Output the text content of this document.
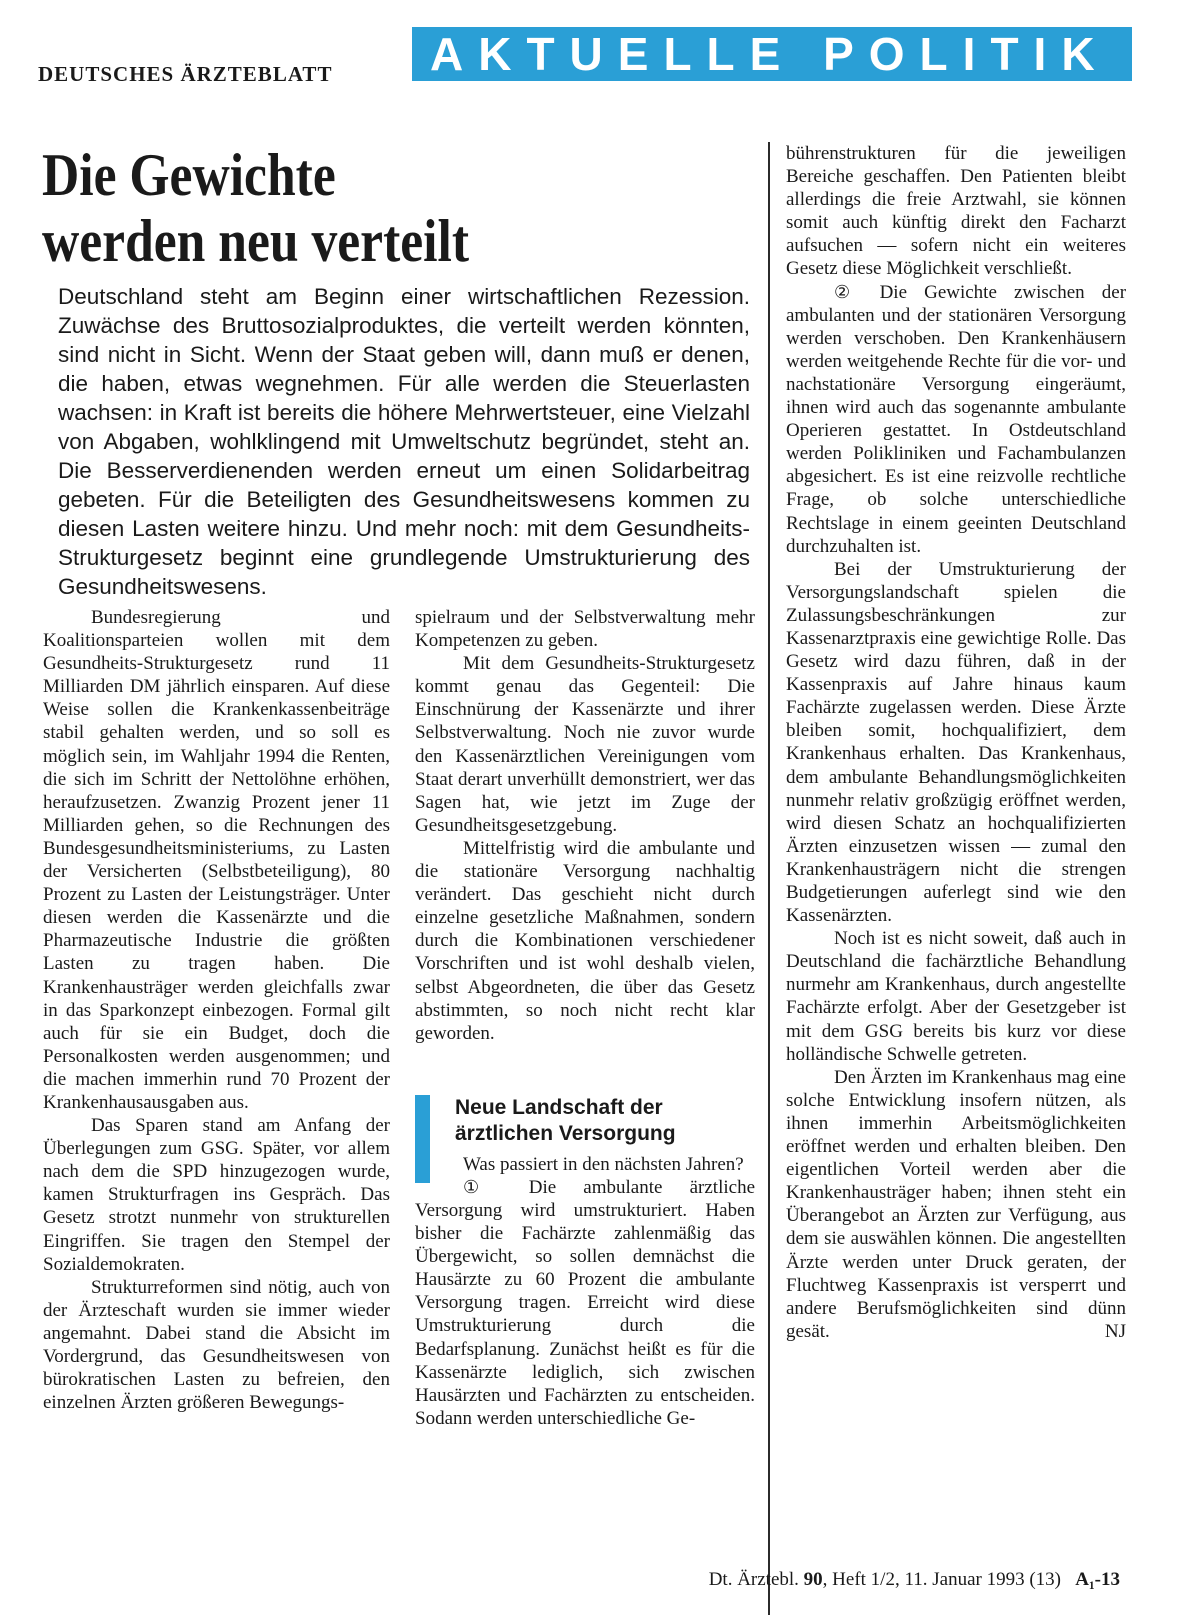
DEUTSCHES ÄRZTEBLATT	AKTUELLE POLITIK
Die Gewichte
werden neu verteilt

Deutschland steht am Beginn einer wirtschaftlichen Rezession. Zuwächse des Bruttosozialproduktes, die verteilt werden könnten, sind nicht in Sicht. Wenn der Staat geben will, dann muß er denen, die haben, etwas wegnehmen. Für alle werden die Steuerlasten wachsen: in Kraft ist bereits die höhere Mehrwertsteuer, eine Vielzahl von Abgaben, wohlklingend mit Umweltschutz begründet, steht an. Die Besserverdienenden werden erneut um einen Solidarbeitrag gebeten. Für die Beteiligten des Gesundheitswesens kommen zu diesen Lasten weitere hinzu. Und mehr noch: mit dem Gesundheits-Strukturgesetz beginnt eine grundlegende Umstrukturierung des Gesundheitswesens.

Bundesregierung und Koalitionsparteien wollen mit dem Gesundheits-Strukturgesetz rund 11 Milliarden DM jährlich einsparen. Auf diese Weise sollen die Krankenkassenbeiträge stabil gehalten werden, und so soll es möglich sein, im Wahljahr 1994 die Renten, die sich im Schritt der Nettolöhne erhöhen, heraufzusetzen. Zwanzig Prozent jener 11 Milliarden gehen, so die Rechnungen des Bundesgesundheitsministeriums, zu Lasten der Versicherten (Selbstbeteiligung), 80 Prozent zu Lasten der Leistungsträger. Unter diesen werden die Kassenärzte und die Pharmazeutische Industrie die größten Lasten zu tragen haben. Die Krankenhausträger werden gleichfalls zwar in das Sparkonzept einbezogen. Formal gilt auch für sie ein Budget, doch die Personalkosten werden ausgenommen; und die machen immerhin rund 70 Prozent der Krankenhausausgaben aus.

Das Sparen stand am Anfang der Überlegungen zum GSG. Später, vor allem nach dem die SPD hinzugezogen wurde, kamen Strukturfragen ins Gespräch. Das Gesetz strotzt nunmehr von strukturellen Eingriffen. Sie tragen den Stempel der Sozialdemokraten.

Strukturreformen sind nötig, auch von der Ärzteschaft wurden sie immer wieder angemahnt. Dabei stand die Absicht im Vordergrund, das Gesundheitswesen von bürokratischen Lasten zu befreien, den einzelnen Ärzten größeren Bewegungs-

spielraum und der Selbstverwaltung mehr Kompetenzen zu geben.

Mit dem Gesundheits-Strukturgesetz kommt genau das Gegenteil: Die Einschnürung der Kassenärzte und ihrer Selbstverwaltung. Noch nie zuvor wurde den Kassenärztlichen Vereinigungen vom Staat derart unverhüllt demonstriert, wer das Sagen hat, wie jetzt im Zuge der Gesundheitsgesetzgebung.

Mittelfristig wird die ambulante und die stationäre Versorgung nachhaltig verändert. Das geschieht nicht durch einzelne gesetzliche Maßnahmen, sondern durch die Kombinationen verschiedener Vorschriften und ist wohl deshalb vielen, selbst Abgeordneten, die über das Gesetz abstimmten, so noch nicht recht klar geworden.

Neue Landschaft der
ärztlichen Versorgung

Was passiert in den nächsten Jahren?

① Die ambulante ärztliche Versorgung wird umstrukturiert. Haben bisher die Fachärzte zahlenmäßig das Übergewicht, so sollen demnächst die Hausärzte zu 60 Prozent die ambulante Versorgung tragen. Erreicht wird diese Umstrukturierung durch die Bedarfsplanung. Zunächst heißt es für die Kassenärzte lediglich, sich zwischen Hausärzten und Fachärzten zu entscheiden. Sodann werden unterschiedliche Ge-

bührenstrukturen für die jeweiligen Bereiche geschaffen. Den Patienten bleibt allerdings die freie Arztwahl, sie können somit auch künftig direkt den Facharzt aufsuchen — sofern nicht ein weiteres Gesetz diese Möglichkeit verschließt.

② Die Gewichte zwischen der ambulanten und der stationären Versorgung werden verschoben. Den Krankenhäusern werden weitgehende Rechte für die vor- und nachstationäre Versorgung eingeräumt, ihnen wird auch das sogenannte ambulante Operieren gestattet. In Ostdeutschland werden Polikliniken und Fachambulanzen abgesichert. Es ist eine reizvolle rechtliche Frage, ob solche unterschiedliche Rechtslage in einem geeinten Deutschland durchzuhalten ist.

Bei der Umstrukturierung der Versorgungslandschaft spielen die Zulassungsbeschränkungen zur Kassenarztpraxis eine gewichtige Rolle. Das Gesetz wird dazu führen, daß in der Kassenpraxis auf Jahre hinaus kaum Fachärzte zugelassen werden. Diese Ärzte bleiben somit, hochqualifiziert, dem Krankenhaus erhalten. Das Krankenhaus, dem ambulante Behandlungsmöglichkeiten nunmehr relativ großzügig eröffnet werden, wird diesen Schatz an hochqualifizierten Ärzten einzusetzen wissen — zumal den Krankenhausträgern nicht die strengen Budgetierungen auferlegt sind wie den Kassenärzten.

Noch ist es nicht soweit, daß auch in Deutschland die fachärztliche Behandlung nurmehr am Krankenhaus, durch angestellte Fachärzte erfolgt. Aber der Gesetzgeber ist mit dem GSG bereits bis kurz vor diese holländische Schwelle getreten.

Den Ärzten im Krankenhaus mag eine solche Entwicklung insofern nützen, als ihnen immerhin Arbeitsmöglichkeiten eröffnet werden und erhalten bleiben. Den eigentlichen Vorteil werden aber die Krankenhausträger haben; ihnen steht ein Überangebot an Ärzten zur Verfügung, aus dem sie auswählen können. Die angestellten Ärzte werden unter Druck geraten, der Fluchtweg Kassenpraxis ist versperrt und andere Berufsmöglichkeiten sind dünn gesät.	NJ

Dt. Ärztebl. 90, Heft 1/2, 11. Januar 1993 (13) A₁-13
